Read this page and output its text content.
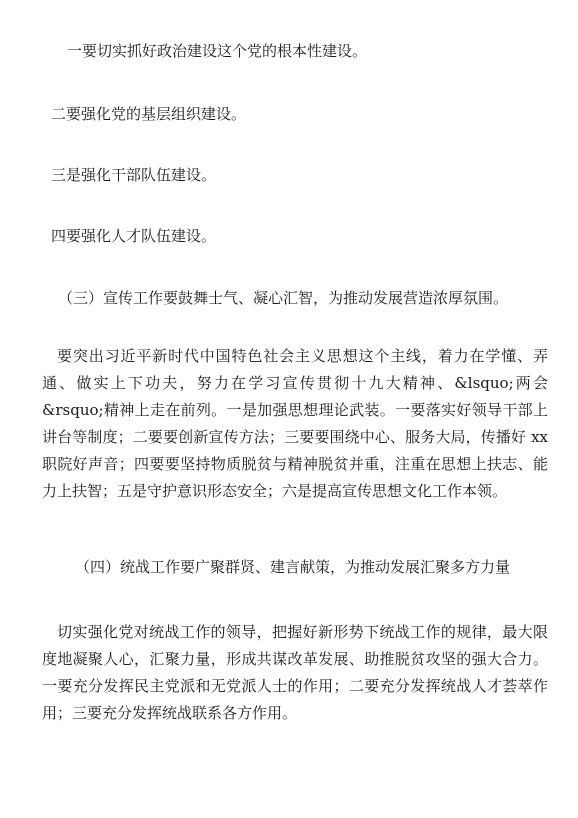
一要切实抓好政治建设这个党的根本性建设。
二要强化党的基层组织建设。
三是强化干部队伍建设。
四要强化人才队伍建设。
（三）宣传工作要鼓舞士气、凝心汇智，为推动发展营造浓厚氛围。
要突出习近平新时代中国特色社会主义思想这个主线，着力在学懂、弄通、做实上下功夫，努力在学习宣传贯彻十九大精神、&lsquo;两会&rsquo;精神上走在前列。一是加强思想理论武装。一要落实好领导干部上讲台等制度；二要要创新宣传方法；三要要围绕中心、服务大局，传播好 xx 职院好声音；四要要坚持物质脱贫与精神脱贫并重，注重在思想上扶志、能力上扶智；五是守护意识形态安全；六是提高宣传思想文化工作本领。
（四）统战工作要广聚群贤、建言献策，为推动发展汇聚多方力量
切实强化党对统战工作的领导，把握好新形势下统战工作的规律，最大限度地凝聚人心，汇聚力量，形成共谋改革发展、助推脱贫攻坚的强大合力。一要充分发挥民主党派和无党派人士的作用；二要充分发挥统战人才荟萃作用；三要充分发挥统战联系各方作用。
